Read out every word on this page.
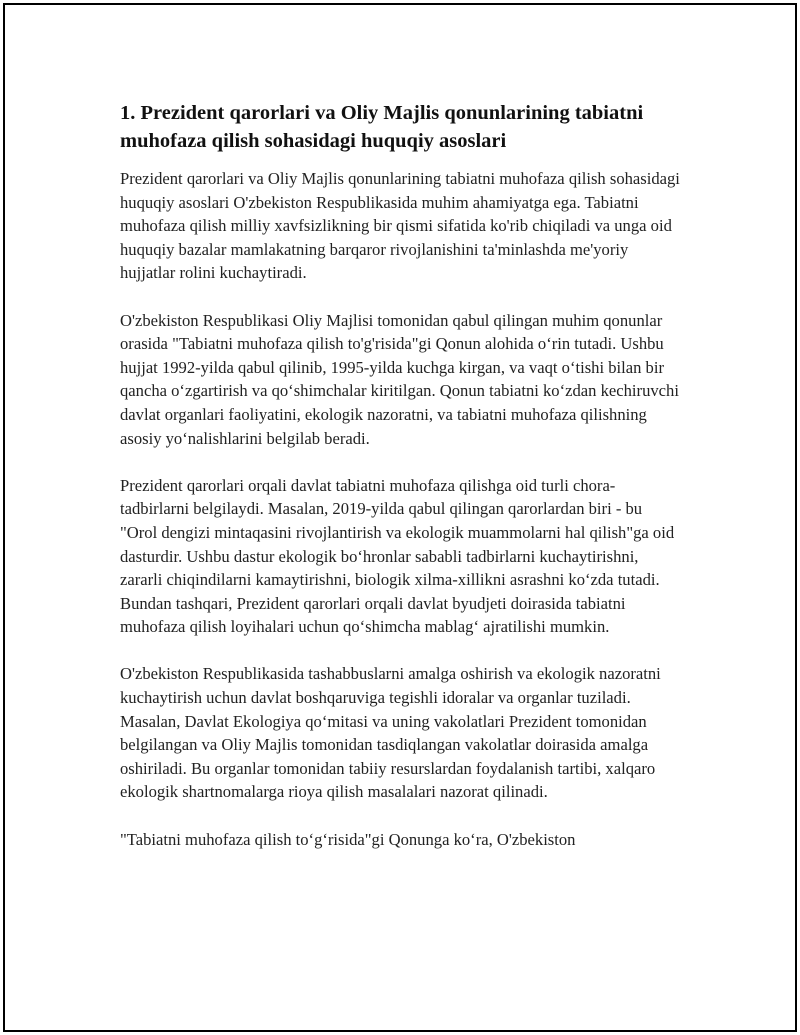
1. Prezident qarorlari va Oliy Majlis qonunlarining tabiatni muhofaza qilish sohasidagi huquqiy asoslari

Prezident qarorlari va Oliy Majlis qonunlarining tabiatni muhofaza qilish sohasidagi huquqiy asoslari O'zbekiston Respublikasida muhim ahamiyatga ega. Tabiatni muhofaza qilish milliy xavfsizlikning bir qismi sifatida ko'rib chiqiladi va unga oid huquqiy bazalar mamlakatning barqaror rivojlanishini ta'minlashda me'yoriy hujjatlar rolini kuchaytiradi.

O'zbekiston Respublikasi Oliy Majlisi tomonidan qabul qilingan muhim qonunlar orasida "Tabiatni muhofaza qilish to'g'risida"gi Qonun alohida o‘rin tutadi. Ushbu hujjat 1992-yilda qabul qilinib, 1995-yilda kuchga kirgan, va vaqt o‘tishi bilan bir qancha o‘zgartirish va qo‘shimchalar kiritilgan. Qonun tabiatni ko‘zdan kechiruvchi davlat organlari faoliyatini, ekologik nazoratni, va tabiatni muhofaza qilishning asosiy yo‘nalishlarini belgilab beradi.

Prezident qarorlari orqali davlat tabiatni muhofaza qilishga oid turli chora-tadbirlarni belgilaydi. Masalan, 2019-yilda qabul qilingan qarorlardan biri - bu "Orol dengizi mintaqasini rivojlantirish va ekologik muammolarni hal qilish"ga oid dasturdir. Ushbu dastur ekologik bo‘hronlar sababli tadbirlarni kuchaytirishni, zararli chiqindilarni kamaytirishni, biologik xilma-xillikni asrashni ko‘zda tutadi. Bundan tashqari, Prezident qarorlari orqali davlat byudjeti doirasida tabiatni muhofaza qilish loyihalari uchun qo‘shimcha mablag‘ ajratilishi mumkin.

O'zbekiston Respublikasida tashabbuslarni amalga oshirish va ekologik nazoratni kuchaytirish uchun davlat boshqaruviga tegishli idoralar va organlar tuziladi. Masalan, Davlat Ekologiya qo‘mitasi va uning vakolatlari Prezident tomonidan belgilangan va Oliy Majlis tomonidan tasdiqlangan vakolatlar doirasida amalga oshiriladi. Bu organlar tomonidan tabiiy resurslardan foydalanish tartibi, xalqaro ekologik shartnomalarga rioya qilish masalalari nazorat qilinadi.

"Tabiatni muhofaza qilish to‘g‘risida"gi Qonunga ko‘ra, O'zbekiston
